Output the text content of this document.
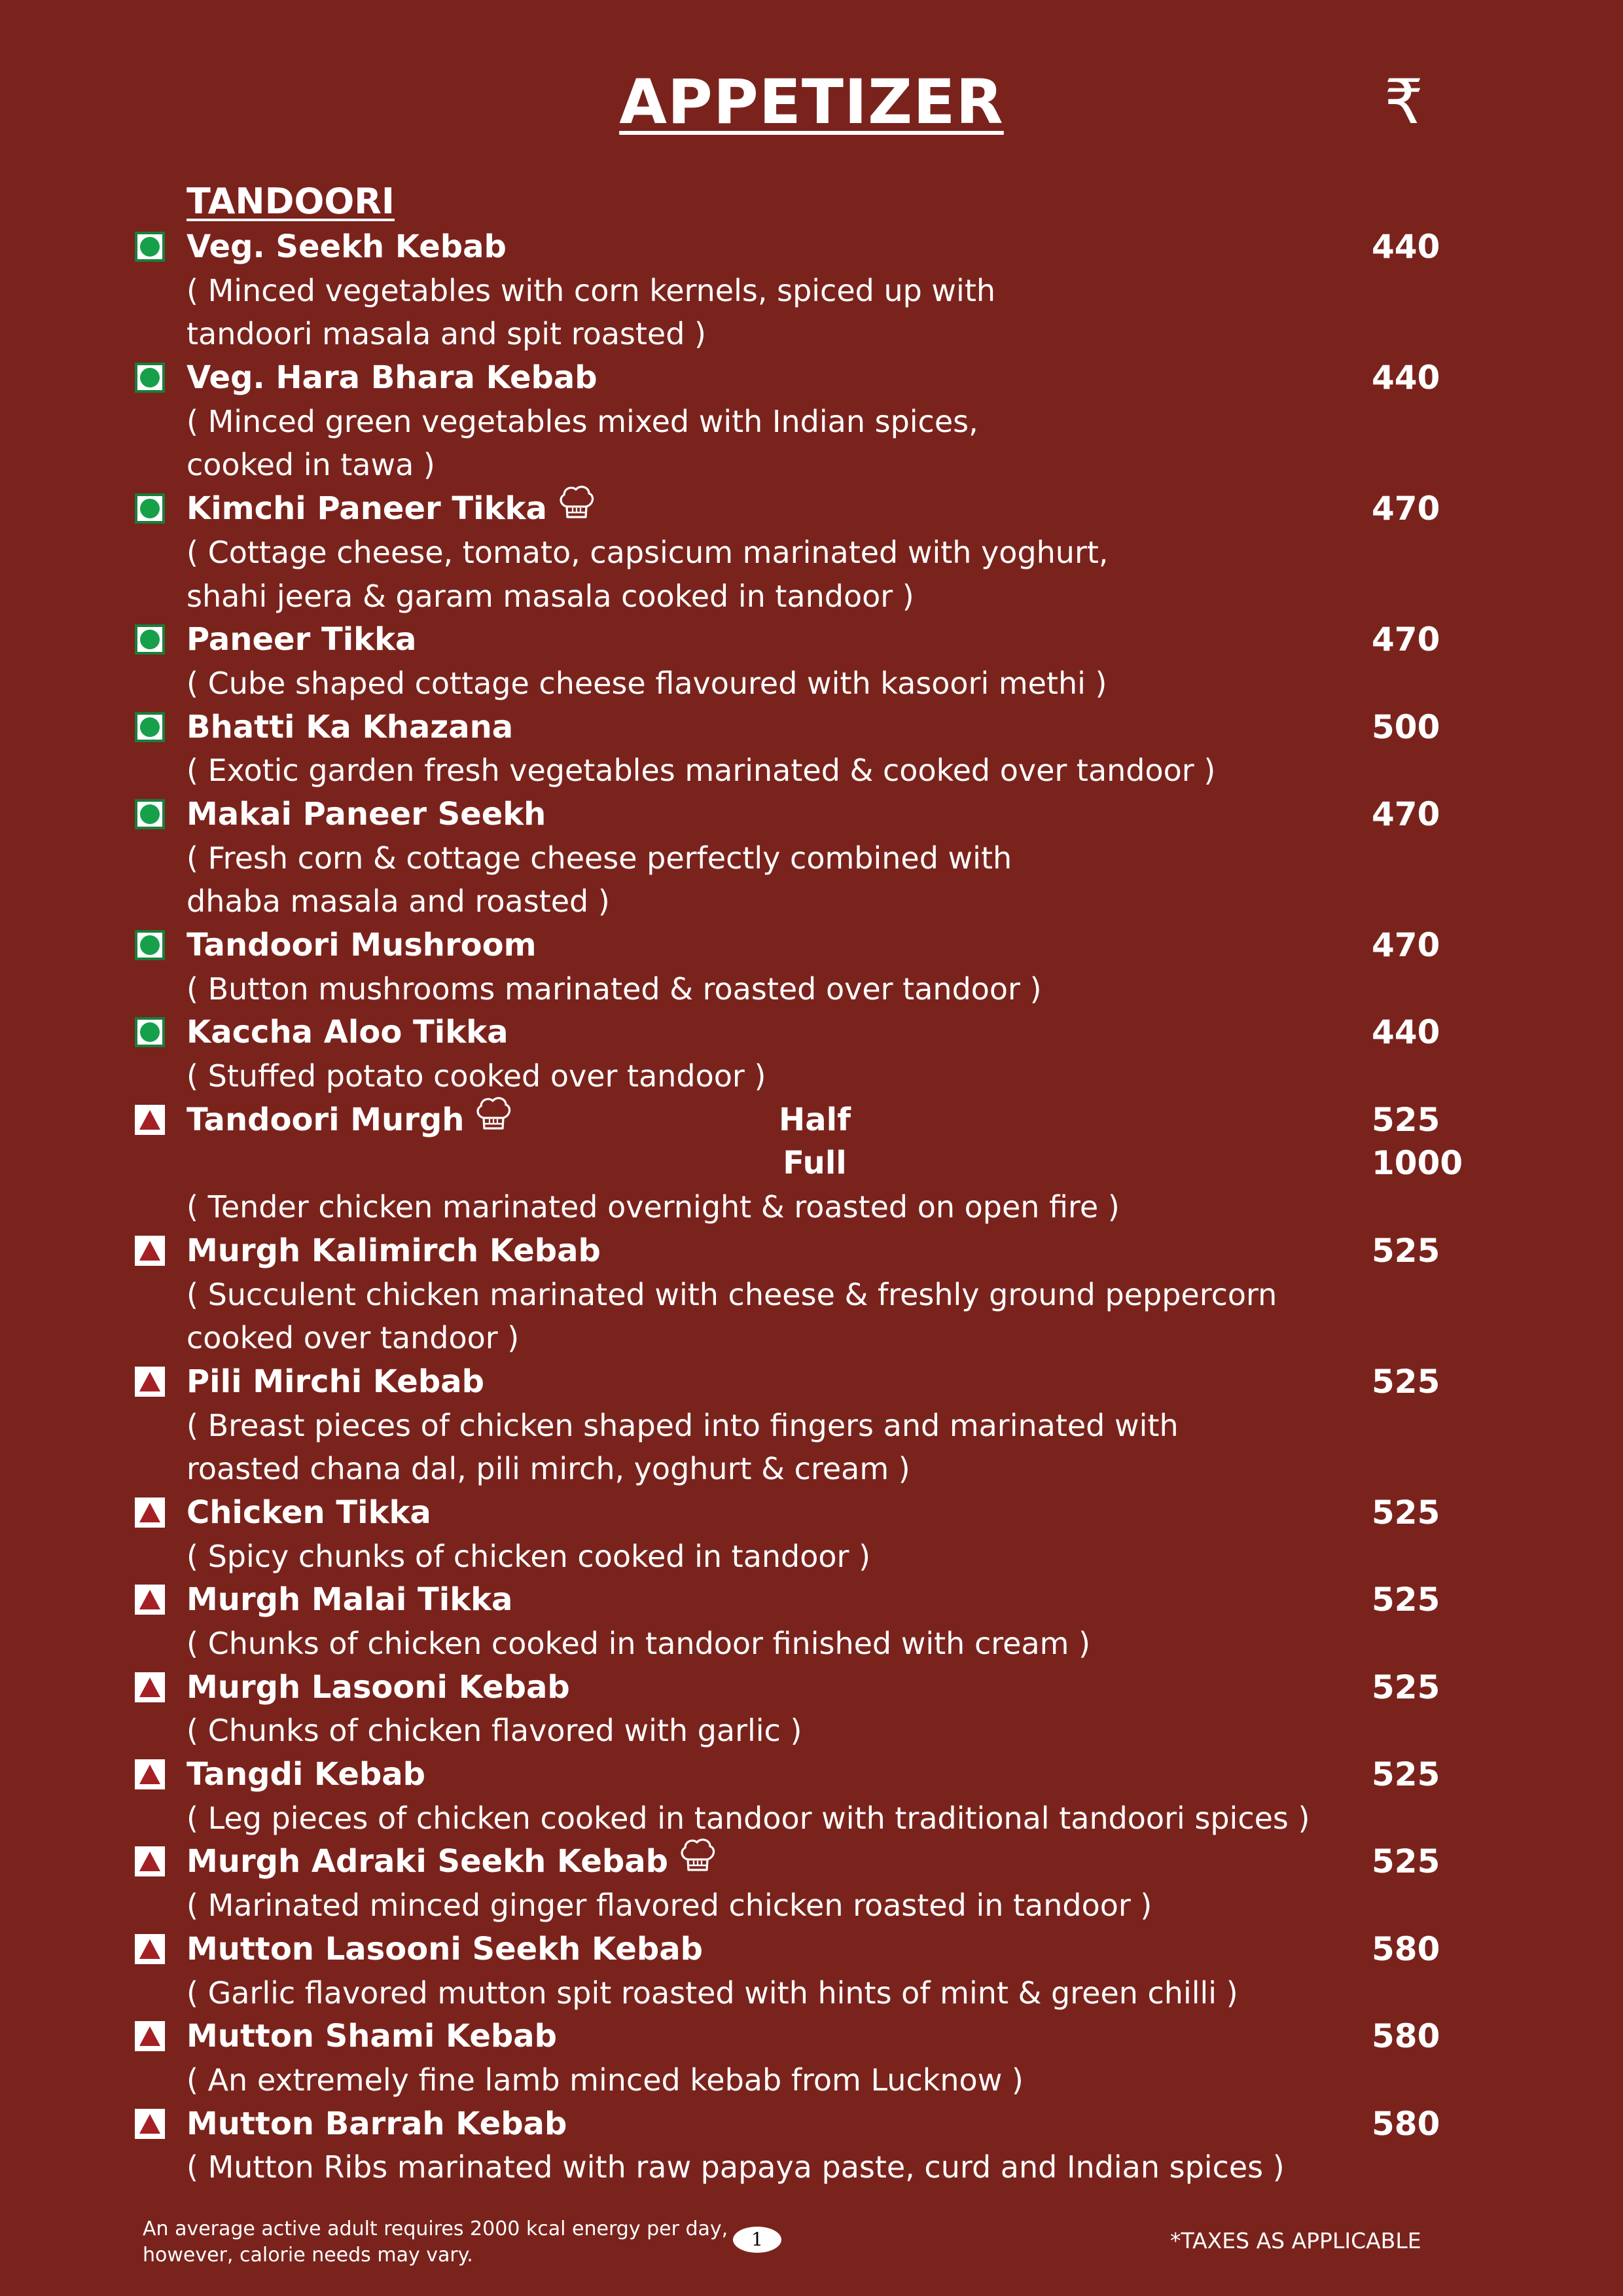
APPETIZER	₹
TANDOORI
Veg. Seekh Kebab	440
( Minced vegetables with corn kernels, spiced up with
tandoori masala and spit roasted )
Veg. Hara Bhara Kebab	440
( Minced green vegetables mixed with Indian spices,
cooked in tawa )
Kimchi Paneer Tikka	470
( Cottage cheese, tomato, capsicum marinated with yoghurt,
shahi jeera & garam masala cooked in tandoor )
Paneer Tikka	470
( Cube shaped cottage cheese flavoured with kasoori methi )
Bhatti Ka Khazana	500
( Exotic garden fresh vegetables marinated & cooked over tandoor )
Makai Paneer Seekh	470
( Fresh corn & cottage cheese perfectly combined with
dhaba masala and roasted )
Tandoori Mushroom	470
( Button mushrooms marinated & roasted over tandoor )
Kaccha Aloo Tikka	440
( Stuffed potato cooked over tandoor )
Tandoori Murgh	Half	525
Full	1000
( Tender chicken marinated overnight & roasted on open fire )
Murgh Kalimirch Kebab	525
( Succulent chicken marinated with cheese & freshly ground peppercorn
cooked over tandoor )
Pili Mirchi Kebab	525
( Breast pieces of chicken shaped into fingers and marinated with
roasted chana dal, pili mirch, yoghurt & cream )
Chicken Tikka	525
( Spicy chunks of chicken cooked in tandoor )
Murgh Malai Tikka	525
( Chunks of chicken cooked in tandoor finished with cream )
Murgh Lasooni Kebab	525
( Chunks of chicken flavored with garlic )
Tangdi Kebab	525
( Leg pieces of chicken cooked in tandoor with traditional tandoori spices )
Murgh Adraki Seekh Kebab	525
( Marinated minced ginger flavored chicken roasted in tandoor )
Mutton Lasooni Seekh Kebab	580
( Garlic flavored mutton spit roasted with hints of mint & green chilli )
Mutton Shami Kebab	580
( An extremely fine lamb minced kebab from Lucknow )
Mutton Barrah Kebab	580
( Mutton Ribs marinated with raw papaya paste, curd and Indian spices )
An average active adult requires 2000 kcal energy per day,
however, calorie needs may vary.
1	*TAXES AS APPLICABLE
